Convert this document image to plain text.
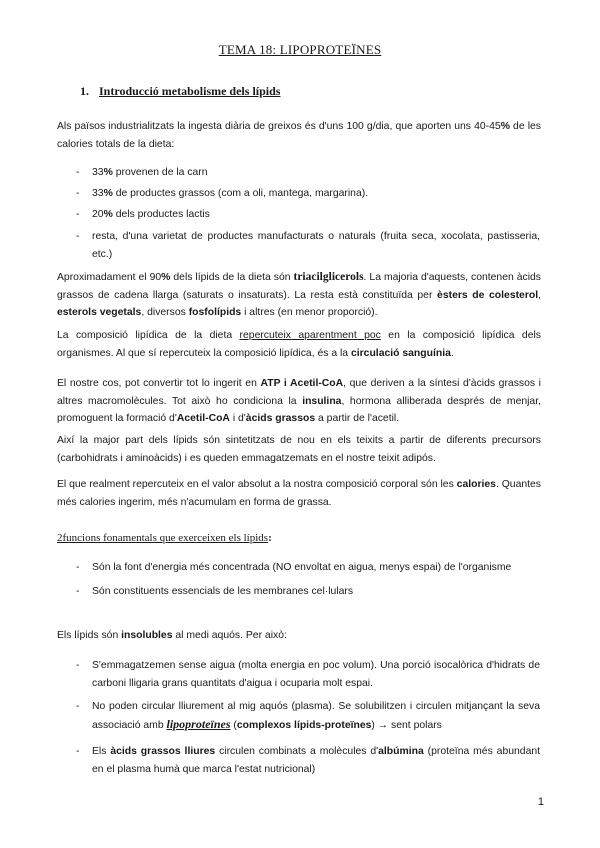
TEMA 18: LIPOPROTEÏNES
1. Introducció metabolisme dels lípids
Als països industrialitzats la ingesta diària de greixos és d'uns 100 g/dia, que aporten uns 40-45% de les calories totals de la dieta:
- 33% provenen de la carn
- 33% de productes grassos (com a oli, mantega, margarina).
- 20% dels productes lactis
- resta, d'una varietat de productes manufacturats o naturals (fruita seca, xocolata, pastisseria, etc.)
Aproximadament el 90% dels lípids de la dieta són triacilglicerols. La majoria d'aquests, contenen àcids grassos de cadena llarga (saturats o insaturats). La resta està constituïda per èsters de colesterol, esterols vegetals, diversos fosfolípids i altres (en menor proporció).
La composició lipídica de la dieta repercuteix aparentment poc en la composició lipídica dels organismes. Al que sí repercuteix la composició lipídica, és a la circulació sanguínia.
El nostre cos, pot convertir tot lo ingerit en ATP i Acetil-CoA, que deriven a la síntesi d'àcids grassos i altres macromolècules. Tot això ho condiciona la insulina, hormona alliberada després de menjar, promoguent la formació d'Acetil-CoA i d'àcids grassos a partir de l'acetil.
Així la major part dels lípids són sintetitzats de nou en els teixits a partir de diferents precursors (carbohidrats i aminoàcids) i es queden emmagatzemats en el nostre teixit adipós.
El que realment repercuteix en el valor absolut a la nostra composició corporal són les calories. Quantes més calories ingerim, més n'acumulam en forma de grassa.
2funcions fonamentals que exerceixen els lípids:
- Són la font d'energia més concentrada (NO envoltat en aigua, menys espai) de l'organisme
- Són constituents essencials de les membranes cel·lulars
Els lípids són insolubles al medi aquós. Per això:
- S'emmagatzemen sense aigua (molta energia en poc volum). Una porció isocalòrica d'hidrats de carboni lligaria grans quantitats d'aigua i ocuparia molt espai.
- No poden circular lliurement al mig aquós (plasma). Se solubilitzen i circulen mitjançant la seva associació amb lipoproteïnes (complexos lípids-proteïnes) → sent polars
- Els àcids grassos lliures circulen combinats a molècules d'albúmina (proteïna més abundant en el plasma humà que marca l'estat nutricional)
1
